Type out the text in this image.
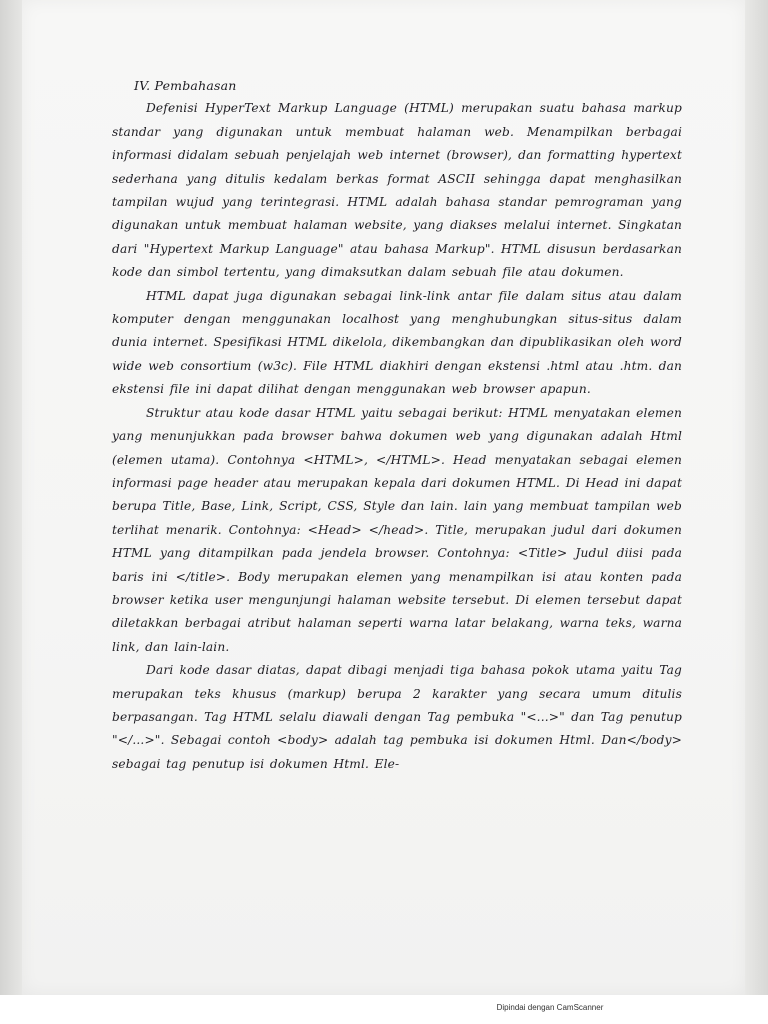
IV. Pembahasan

Defenisi HyperText Markup Language (HTML) merupakan suatu bahasa markup standar yang digunakan untuk membuat halaman web. Menampilkan berbagai informasi didalam sebuah penjelajah web internet (browser), dan formatting hypertext sederhana yang ditulis kedalam berkas format ASCII sehingga dapat menghasilkan tampilan wujud yang terintegrasi. HTML adalah bahasa standar pemrograman yang digunakan untuk membuat halaman website, yang diakses melalui internet. Singkatan dari "Hypertext Markup Language" atau bahasa Markup". HTML disusun berdasarkan kode dan simbol tertentu, yang dimaksutkan dalam sebuah file atau dokumen.

HTML dapat juga digunakan sebagai link-link antar file dalam situs atau dalam komputer dengan menggunakan localhost yang menghubungkan situs-situs dalam dunia internet. Spesifikasi HTML dikelola, dikembangkan dan dipublikasikan oleh word wide web consortium (w3c). File HTML diakhiri dengan ekstensi .html atau .htm. dan ekstensi file ini dapat dilihat dengan menggunakan web browser apapun.

Struktur atau kode dasar HTML yaitu sebagai berikut: HTML menyatakan elemen yang menunjukkan pada browser bahwa dokumen web yang digunakan adalah Html (elemen utama). Contohnya <HTML>, </HTML>. Head menyatakan sebagai elemen informasi page header atau merupakan kepala dari dokumen HTML. Di Head ini dapat berupa Title, Base, Link, Script, CSS, Style dan lain. lain yang membuat tampilan web terlihat menarik. Contohnya: <Head> </head>. Title, merupakan judul dari dokumen HTML yang ditampilkan pada jendela browser. Contohnya: <Title> Judul diisi pada baris ini </title>. Body merupakan elemen yang menampilkan isi atau konten pada browser ketika user mengunjungi halaman website tersebut. Di elemen tersebut dapat diletakkan berbagai atribut halaman seperti warna latar belakang, warna teks, warna link, dan lain-lain.

Dari kode dasar diatas, dapat dibagi menjadi tiga bahasa pokok utama yaitu Tag merupakan teks khusus (markup) berupa 2 karakter yang secara umum ditulis berpasangan. Tag HTML selalu diawali dengan Tag pembuka "<...>" dan Tag penutup "</...>". Sebagai contoh <body> adalah tag pembuka isi dokumen Html. Dan</body> sebagai tag penutup isi dokumen Html. Ele-

Dipindai dengan CamScanner
